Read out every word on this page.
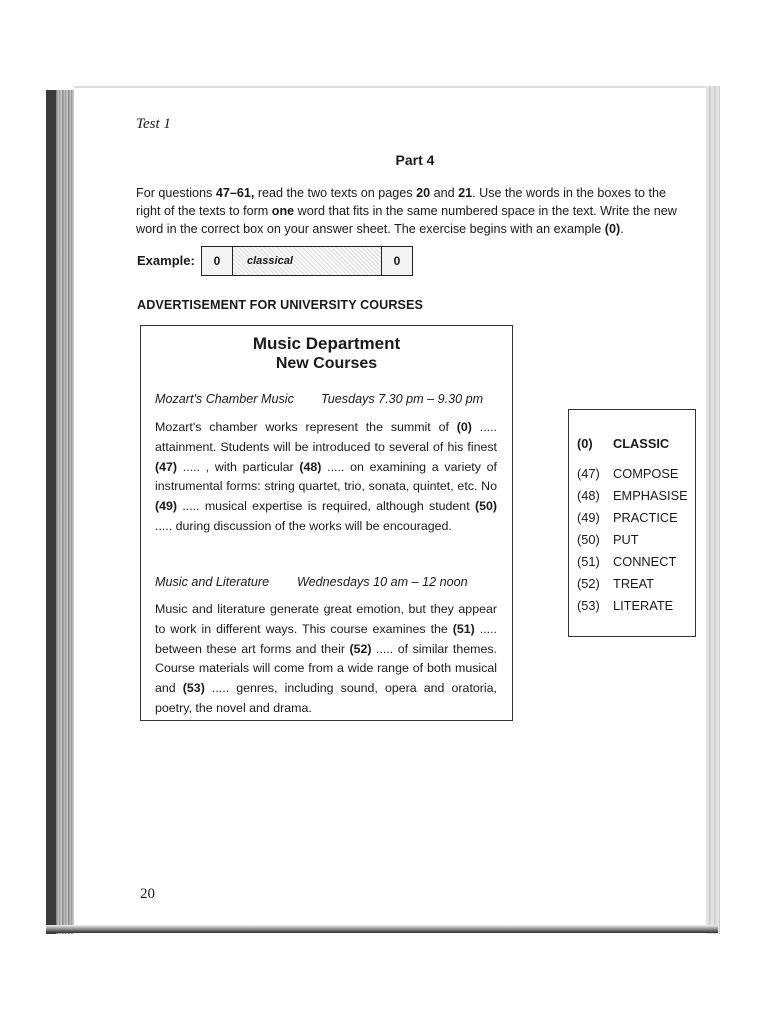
Test 1
Part 4
For questions 47–61, read the two texts on pages 20 and 21. Use the words in the boxes to the right of the texts to form one word that fits in the same numbered space in the text. Write the new word in the correct box on your answer sheet. The exercise begins with an example (0).
Example:	0	classical	0
ADVERTISEMENT FOR UNIVERSITY COURSES
Music Department
New Courses
Mozart's Chamber Music Tuesdays 7.30 pm – 9.30 pm
Mozart's chamber works represent the summit of (0) ..... attainment. Students will be introduced to several of his finest (47) ..... , with particular (48) ..... on examining a variety of instrumental forms: string quartet, trio, sonata, quintet, etc. No (49) ..... musical expertise is required, although student (50) ..... during discussion of the works will be encouraged.
Music and Literature Wednesdays 10 am – 12 noon
Music and literature generate great emotion, but they appear to work in different ways. This course examines the (51) ..... between these art forms and their (52) ..... of similar themes. Course materials will come from a wide range of both musical and (53) ..... genres, including sound, opera and oratoria, poetry, the novel and drama.
(0) CLASSIC
(47) COMPOSE
(48) EMPHASISE
(49) PRACTICE
(50) PUT
(51) CONNECT
(52) TREAT
(53) LITERATE
20
